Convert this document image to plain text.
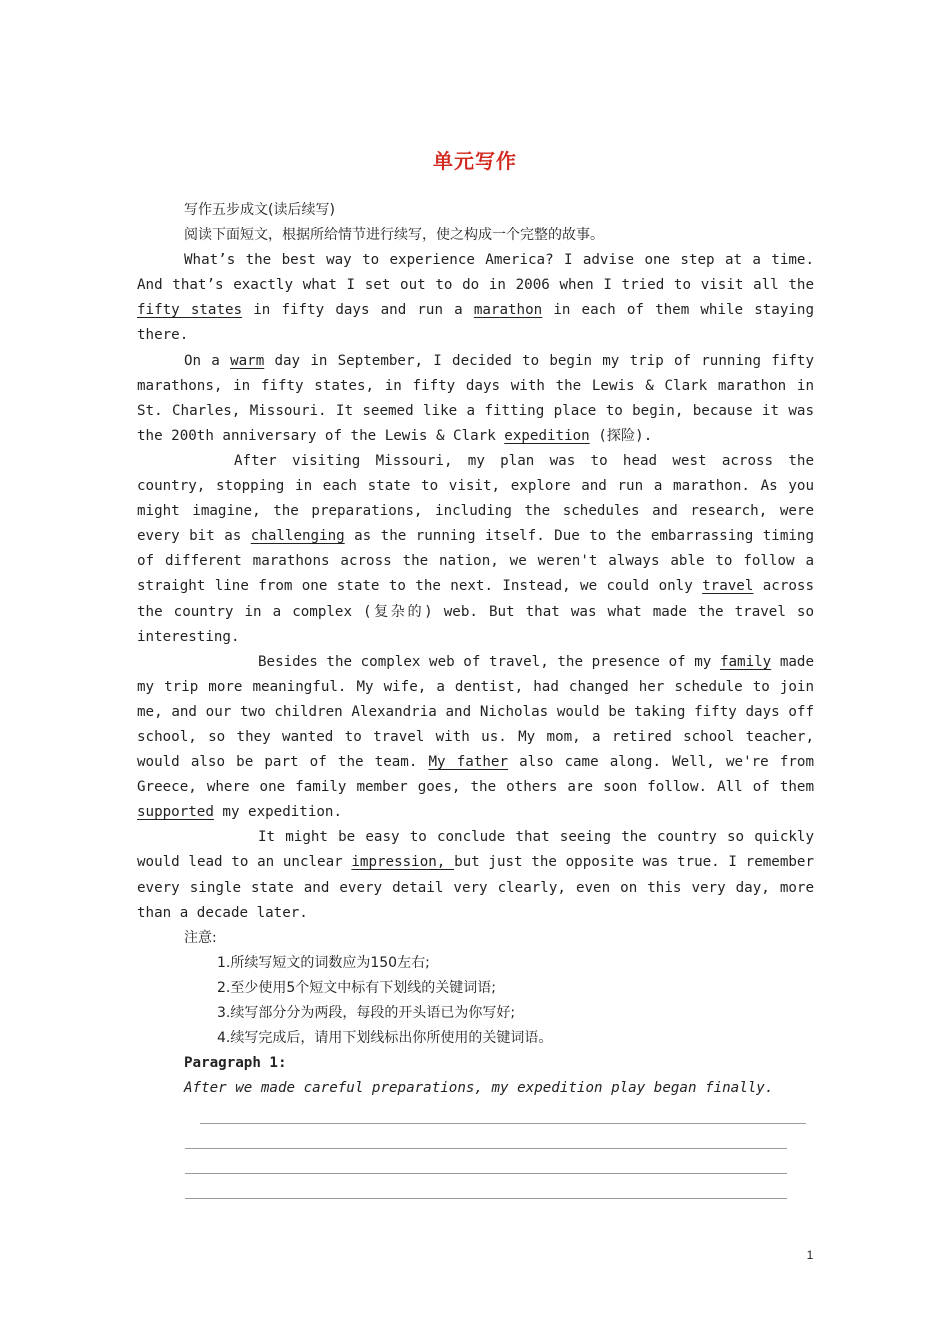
单元写作

写作五步成文(读后续写)

阅读下面短文，根据所给情节进行续写，使之构成一个完整的故事。

What’s the best way to experience America? I advise one step at a time. And that’s exactly what I set out to do in 2006 when I tried to visit all the fifty states in fifty days and run a marathon in each of them while staying there.

On a warm day in September, I decided to begin my trip of running fifty marathons, in fifty states, in fifty days with the Lewis & Clark marathon in St. Charles, Missouri. It seemed like a fitting place to begin, because it was the 200th anniversary of the Lewis & Clark expedition (探险).

After visiting Missouri, my plan was to head west across the country, stopping in each state to visit, explore and run a marathon. As you might imagine, the preparations, including the schedules and research, were every bit as challenging as the running itself. Due to the embarrassing timing of different marathons across the nation, we weren't always able to follow a straight line from one state to the next. Instead, we could only travel across the country in a complex (复杂的) web. But that was what made the travel so interesting.

Besides the complex web of travel, the presence of my family made my trip more meaningful. My wife, a dentist, had changed her schedule to join me, and our two children Alexandria and Nicholas would be taking fifty days off school, so they wanted to travel with us. My mom, a retired school teacher, would also be part of the team. My father also came along. Well, we're from Greece, where one family member goes, the others are soon follow. All of them supported my expedition.

It might be easy to conclude that seeing the country so quickly would lead to an unclear impression, but just the opposite was true. I remember every single state and every detail very clearly, even on this very day, more than a decade later.

注意:

1.所续写短文的词数应为150左右;

2.至少使用5个短文中标有下划线的关键词语;

3.续写部分分为两段，每段的开头语已为你写好;

4.续写完成后，请用下划线标出你所使用的关键词语。

Paragraph 1:

After we made careful preparations, my expedition play began finally.

1
